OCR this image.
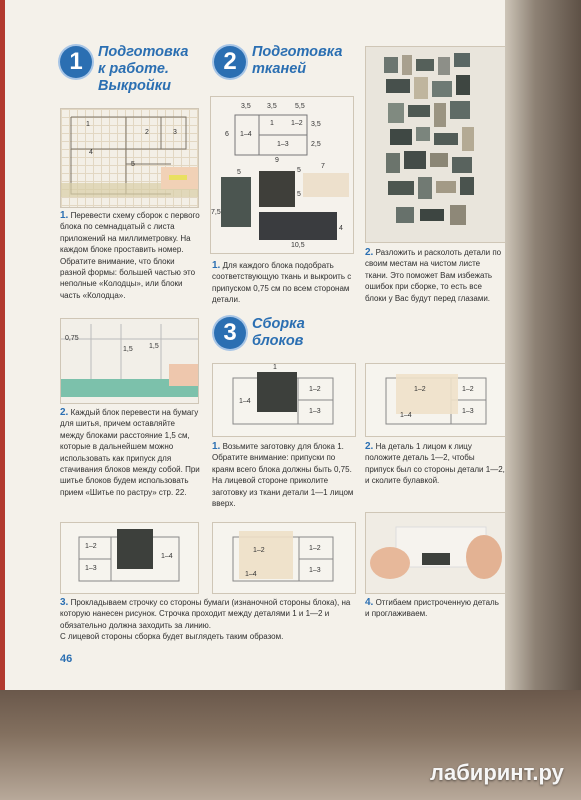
1	Подготовка
к работе.
Выкройки
2	Подготовка
тканей
3	Сборка
блоков
1
2	3
4
5
1. Перевести схему сборок с первого блока по семнадцатый с листа приложений на миллиметровку. На каждом блоке проставить номер. Обратите внимание, что блоки разной формы: большей частью это неполные «Колодцы», или блоки часть «Колодца».
0,75
1,5 1,5
2. Каждый блок перевести на бумагу для шитья, причем оставляйте между блоками расстояние 1,5 см, которые в дальнейшем можно использовать как припуск для стачивания блоков между собой. При шитье блоков будем использовать прием «Шитье по растру» стр. 22.
3,5 3,5	5,5
6 1–4
1 1–2 3,5
1–3	2,5
9
5	5
7
5
7,5
4
10,5
1. Для каждого блока подобрать соответствующую ткань и выкроить с припуском 0,75 см по всем сторонам детали.
1
1–4
1–2
1–3
1. Возьмите заготовку для блока 1. Обратите внимание: припуски по краям всего блока должны быть 0,75. На лицевой стороне приколите заготовку из ткани детали 1—1 лицом вверх.
2. Разложить и расколоть детали по своим местам на чистом листе ткани. Это поможет Вам избежать ошибок при сборке, то есть все блоки у Вас будут перед глазами.
1–2
1–4
1–2
1–3
2. На деталь 1 лицом к лицу положите деталь 1—2, чтобы припуск был со стороны детали 1—2, и сколите булавкой.
1–2
1–3
1–4
1–2
1–4
1–2
1–3
3. Прокладываем строчку со стороны бумаги (изнаночной стороны блока), на которую нанесен рисунок. Строчка проходит между деталями 1 и 1—2 и обязательно должна заходить за линию.
С лицевой стороны сборка будет выглядеть таким образом.
4. Отгибаем пристроченную деталь и проглаживаем.
46
лабиринт.ру
